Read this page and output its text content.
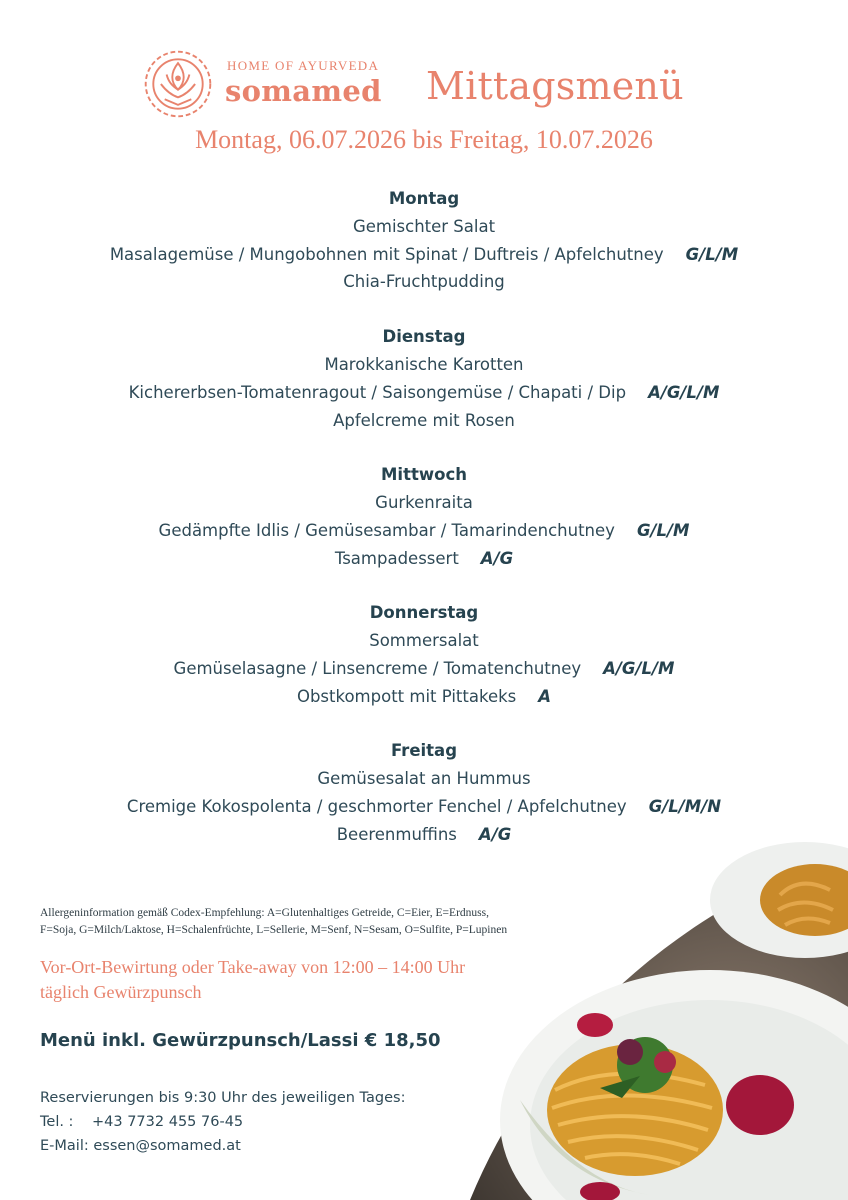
HOME OF AYURVEDA
somamed Mittagsmenü
Montag, 06.07.2026 bis Freitag, 10.07.2026
Montag
Gemischter Salat
Masalagemüse / Mungobohnen mit Spinat / Duftreis / Apfelchutney G/L/M
Chia-Fruchtpudding
Dienstag
Marokkanische Karotten
Kichererbsen-Tomatenragout / Saisongemüse / Chapati / Dip A/G/L/M
Apfelcreme mit Rosen
Mittwoch
Gurkenraita
Gedämpfte Idlis / Gemüsesambar / Tamarindenchutney G/L/M
Tsampadessert A/G
Donnerstag
Sommersalat
Gemüselasagne / Linsencreme / Tomatenchutney A/G/L/M
Obstkompott mit Pittakeks A
Freitag
Gemüsesalat an Hummus
Cremige Kokospolenta / geschmorter Fenchel / Apfelchutney G/L/M/N
Beerenmuffins A/G
Allergeninformation gemäß Codex-Empfehlung: A=Glutenhaltiges Getreide, C=Eier, E=Erdnuss,
F=Soja, G=Milch/Laktose, H=Schalenfrüchte, L=Sellerie, M=Senf, N=Sesam, O=Sulfite, P=Lupinen
Vor-Ort-Bewirtung oder Take-away von 12:00 – 14:00 Uhr
täglich Gewürzpunsch
Menü inkl. Gewürzpunsch/Lassi € 18,50
Reservierungen bis 9:30 Uhr des jeweiligen Tages:
Tel. : +43 7732 455 76-45
E-Mail: essen@somamed.at
